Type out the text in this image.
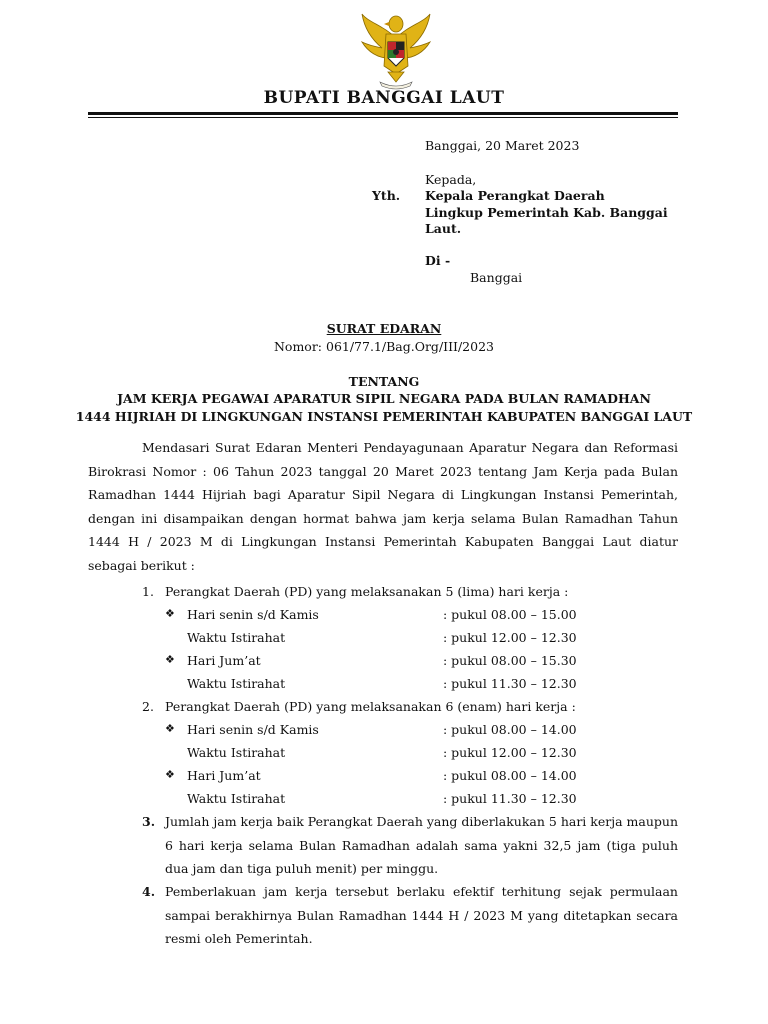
BUPATI BANGGAI LAUT
Banggai, 20 Maret 2023
Kepada,
Yth. Kepala Perangkat Daerah
Lingkup Pemerintah Kab. Banggai
Laut.
Di -
Banggai
SURAT EDARAN
Nomor: 061/77.1/Bag.Org/III/2023
TENTANG
JAM KERJA PEGAWAI APARATUR SIPIL NEGARA PADA BULAN RAMADHAN
1444 HIJRIAH DI LINGKUNGAN INSTANSI PEMERINTAH KABUPATEN BANGGAI LAUT
Mendasari Surat Edaran Menteri Pendayagunaan Aparatur Negara dan Reformasi Birokrasi Nomor : 06 Tahun 2023 tanggal 20 Maret 2023 tentang Jam Kerja pada Bulan Ramadhan 1444 Hijriah bagi Aparatur Sipil Negara di Lingkungan Instansi Pemerintah, dengan ini disampaikan dengan hormat bahwa jam kerja selama Bulan Ramadhan Tahun 1444 H / 2023 M di Lingkungan Instansi Pemerintah Kabupaten Banggai Laut diatur sebagai berikut :
1. Perangkat Daerah (PD) yang melaksanakan 5 (lima) hari kerja :
❖ Hari senin s/d Kamis	: pukul 08.00 – 15.00
Waktu Istirahat	: pukul 12.00 – 12.30
❖ Hari Jum’at	: pukul 08.00 – 15.30
Waktu Istirahat	: pukul 11.30 – 12.30
2. Perangkat Daerah (PD) yang melaksanakan 6 (enam) hari kerja :
❖ Hari senin s/d Kamis	: pukul 08.00 – 14.00
Waktu Istirahat	: pukul 12.00 – 12.30
❖ Hari Jum’at	: pukul 08.00 – 14.00
Waktu Istirahat	: pukul 11.30 – 12.30
3. Jumlah jam kerja baik Perangkat Daerah yang diberlakukan 5 hari kerja maupun 6 hari kerja selama Bulan Ramadhan adalah sama yakni 32,5 jam (tiga puluh dua jam dan tiga puluh menit) per minggu.
4. Pemberlakuan jam kerja tersebut berlaku efektif terhitung sejak permulaan sampai berakhirnya Bulan Ramadhan 1444 H / 2023 M yang ditetapkan secara resmi oleh Pemerintah.
